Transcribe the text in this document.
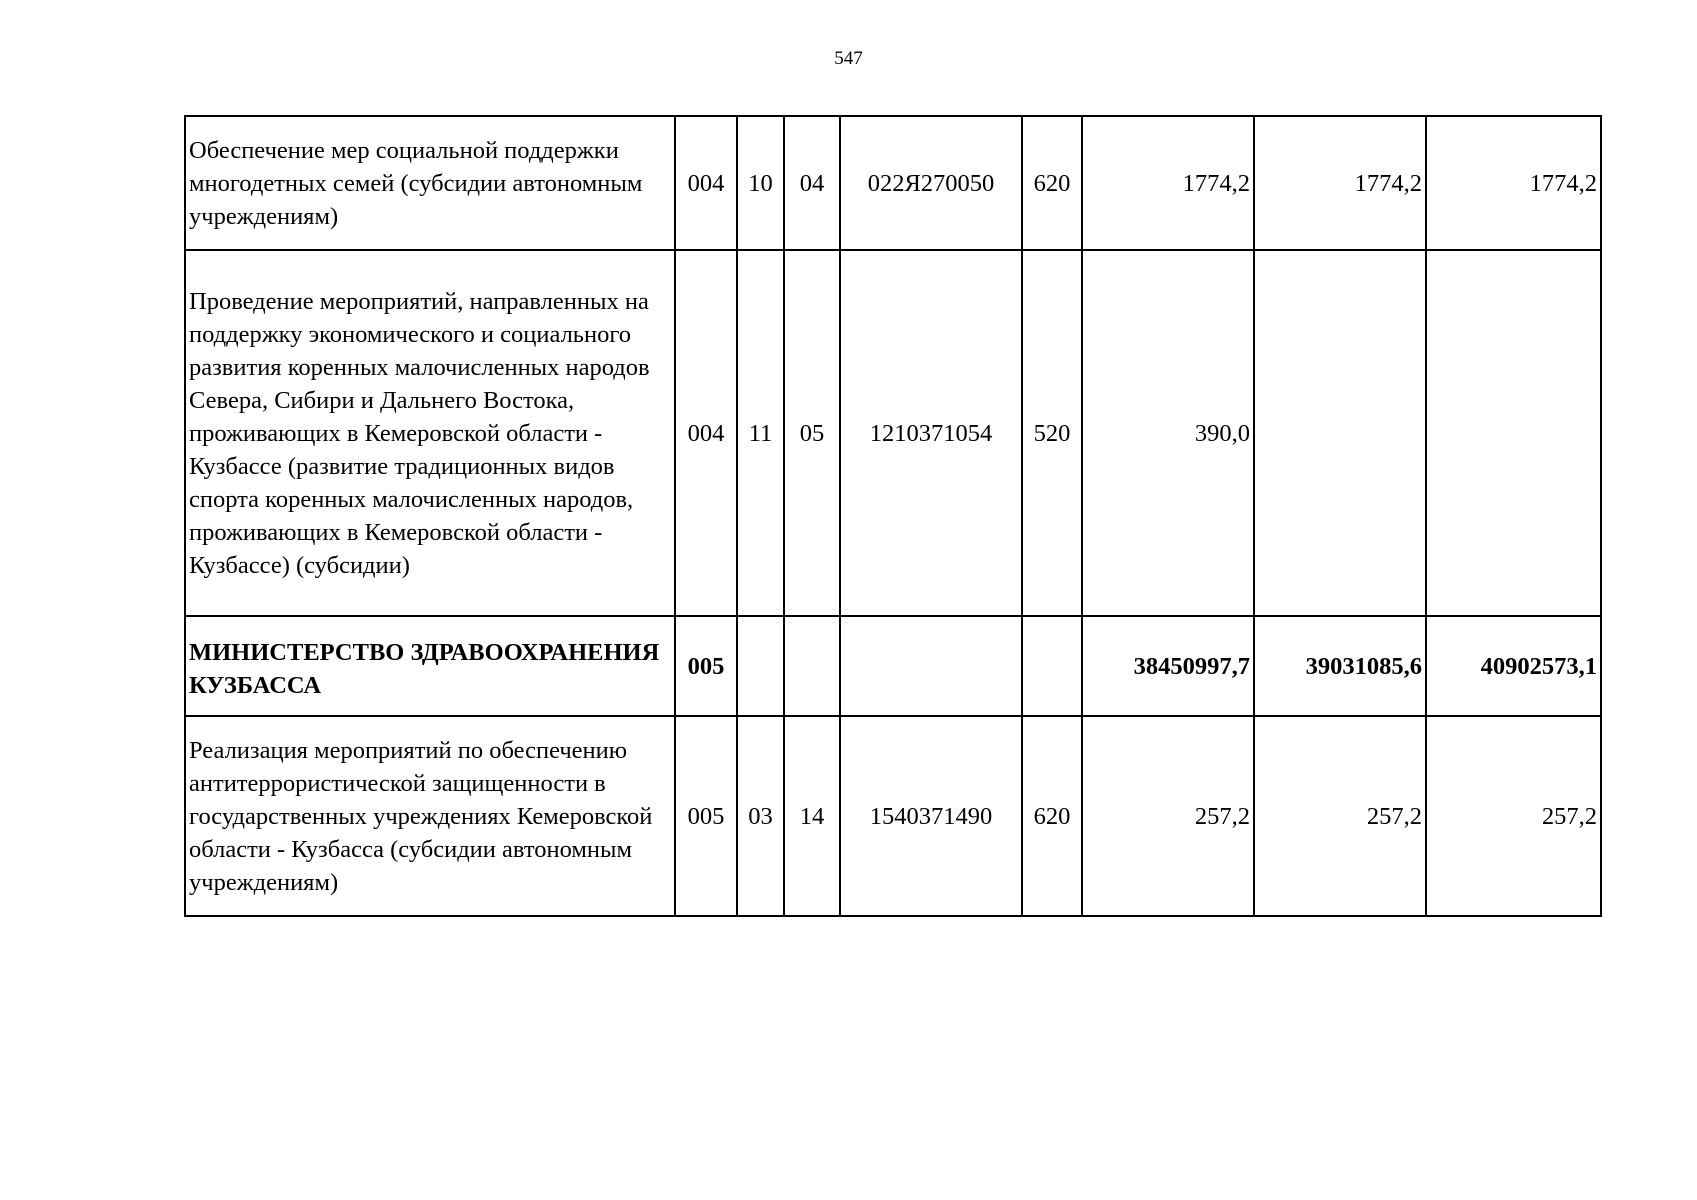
547
Обеспечение мер социальной поддержки многодетных семей (субсидии автономным учреждениям)	004	10	04	022Я270050	620	1774,2	1774,2	1774,2
Проведение мероприятий, направленных на поддержку экономического и социального развития коренных малочисленных народов Севера, Сибири и Дальнего Востока, проживающих в Кемеровской области - Кузбассе (развитие традиционных видов спорта коренных малочисленных народов, проживающих в Кемеровской области - Кузбассе) (субсидии)	004	11	05	1210371054	520	390,0		
МИНИСТЕРСТВО ЗДРАВООХРАНЕНИЯ КУЗБАССА	005					38450997,7	39031085,6	40902573,1
Реализация мероприятий по обеспечению антитеррористической защищенности в государственных учреждениях Кемеровской области - Кузбасса (субсидии автономным учреждениям)	005	03	14	1540371490	620	257,2	257,2	257,2
